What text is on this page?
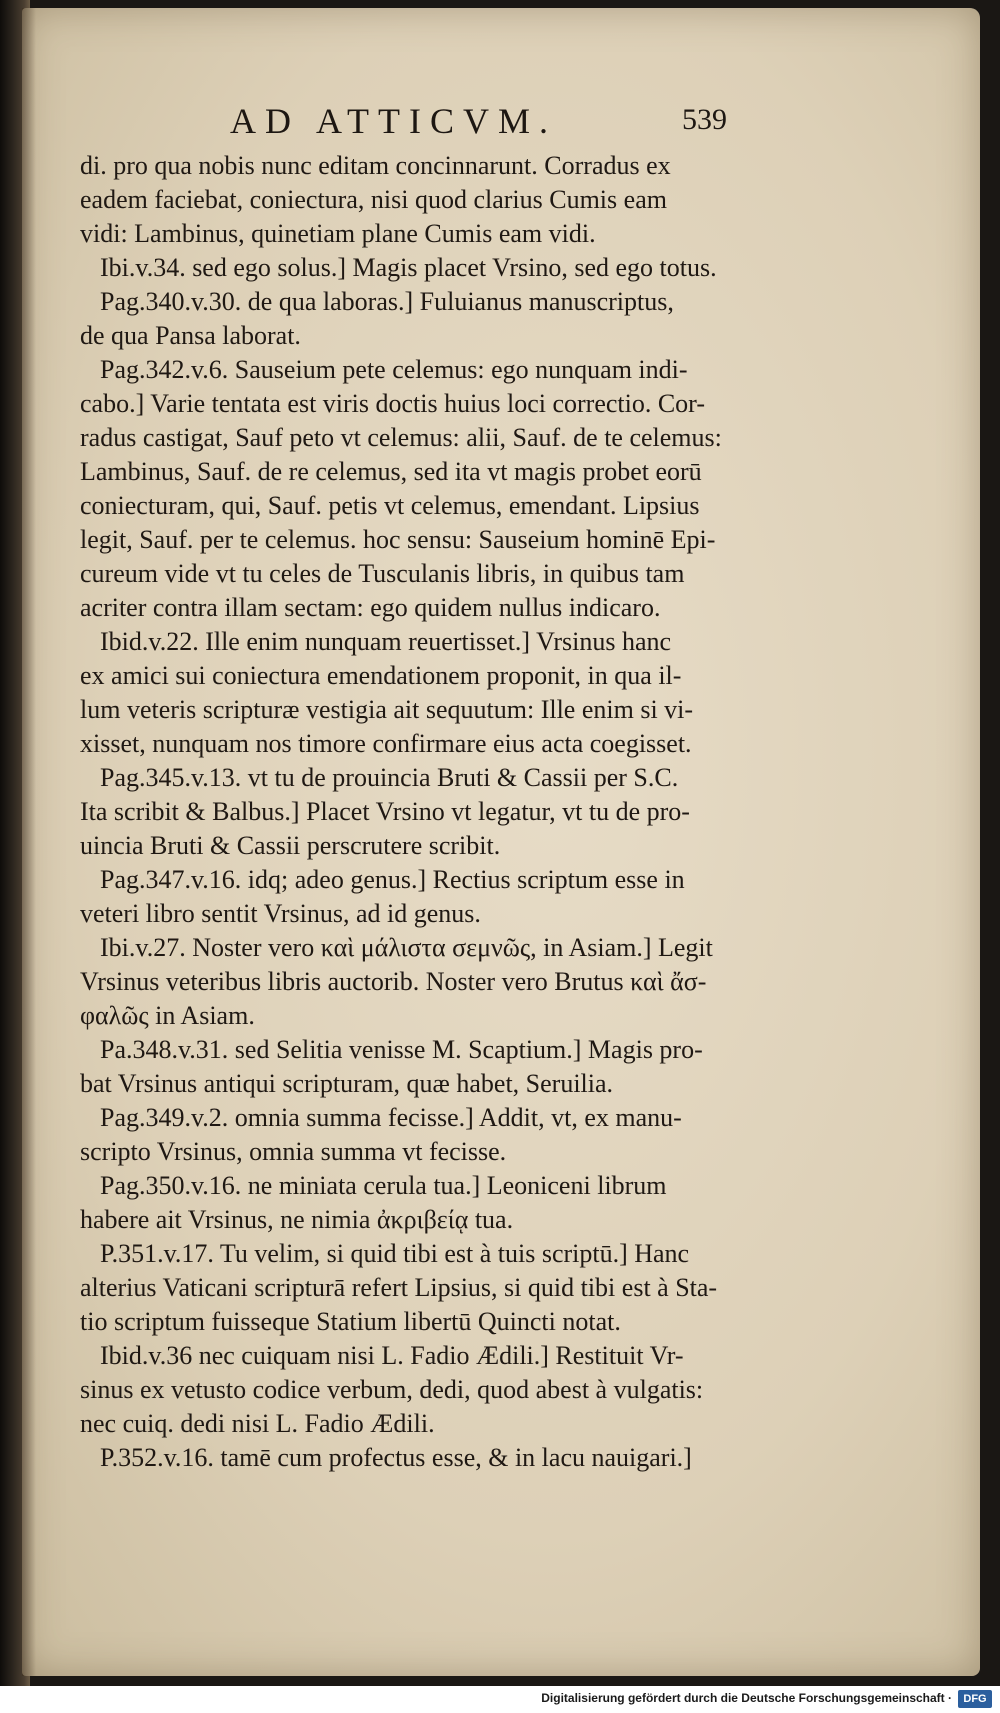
AD ATTICVM.	539
di. pro qua nobis nunc editam concinnarunt. Corradus ex
eadem faciebat, coniectura, nisi quod clarius Cumis eam
vidi: Lambinus, quinetiam plane Cumis eam vidi.
Ibi.v.34. sed ego solus.] Magis placet Vrsino, sed ego totus.
Pag.340.v.30. de qua laboras.] Fuluianus manuscriptus,
de qua Pansa laborat.
Pag.342.v.6. Sauseium pete celemus: ego nunquam indi-
cabo.] Varie tentata est viris doctis huius loci correctio. Cor-
radus castigat, Sauf peto vt celemus: alii, Sauf. de te celemus:
Lambinus, Sauf. de re celemus, sed ita vt magis probet eorū
coniecturam, qui, Sauf. petis vt celemus, emendant. Lipsius
legit, Sauf. per te celemus. hoc sensu: Sauseium hominē Epi-
cureum vide vt tu celes de Tusculanis libris, in quibus tam
acriter contra illam sectam: ego quidem nullus indicaro.
Ibid.v.22. Ille enim nunquam reuertisset.] Vrsinus hanc
ex amici sui coniectura emendationem proponit, in qua il-
lum veteris scripturæ vestigia ait sequutum: Ille enim si vi-
xisset, nunquam nos timore confirmare eius acta coegisset.
Pag.345.v.13. vt tu de prouincia Bruti & Cassii per S.C.
Ita scribit & Balbus.] Placet Vrsino vt legatur, vt tu de pro-
uincia Bruti & Cassii perscrutere scribit.
Pag.347.v.16. idq; adeo genus.] Rectius scriptum esse in
veteri libro sentit Vrsinus, ad id genus.
Ibi.v.27. Noster vero καὶ μάλιστα σεμνῶς, in Asiam.] Legit
Vrsinus veteribus libris auctorib. Noster vero Brutus καὶ ἄσ-
φαλῶς in Asiam.
Pa.348.v.31. sed Selitia venisse M. Scaptium.] Magis pro-
bat Vrsinus antiqui scripturam, quæ habet, Seruilia.
Pag.349.v.2. omnia summa fecisse.] Addit, vt, ex manu-
scripto Vrsinus, omnia summa vt fecisse.
Pag.350.v.16. ne miniata cerula tua.] Leoniceni librum
habere ait Vrsinus, ne nimia ἀκριβείᾳ tua.
P.351.v.17. Tu velim, si quid tibi est à tuis scriptū.] Hanc
alterius Vaticani scripturā refert Lipsius, si quid tibi est à Sta-
tio scriptum fuisseque Statium libertū Quincti notat.
Ibid.v.36 nec cuiquam nisi L. Fadio Ædili.] Restituit Vr-
sinus ex vetusto codice verbum, dedi, quod abest à vulgatis:
nec cuiq. dedi nisi L. Fadio Ædili.
P.352.v.16. tamē cum profectus esse, & in lacu nauigari.]
Digitalisierung gefördert durch die Deutsche Forschungsgemeinschaft ·	DFG
